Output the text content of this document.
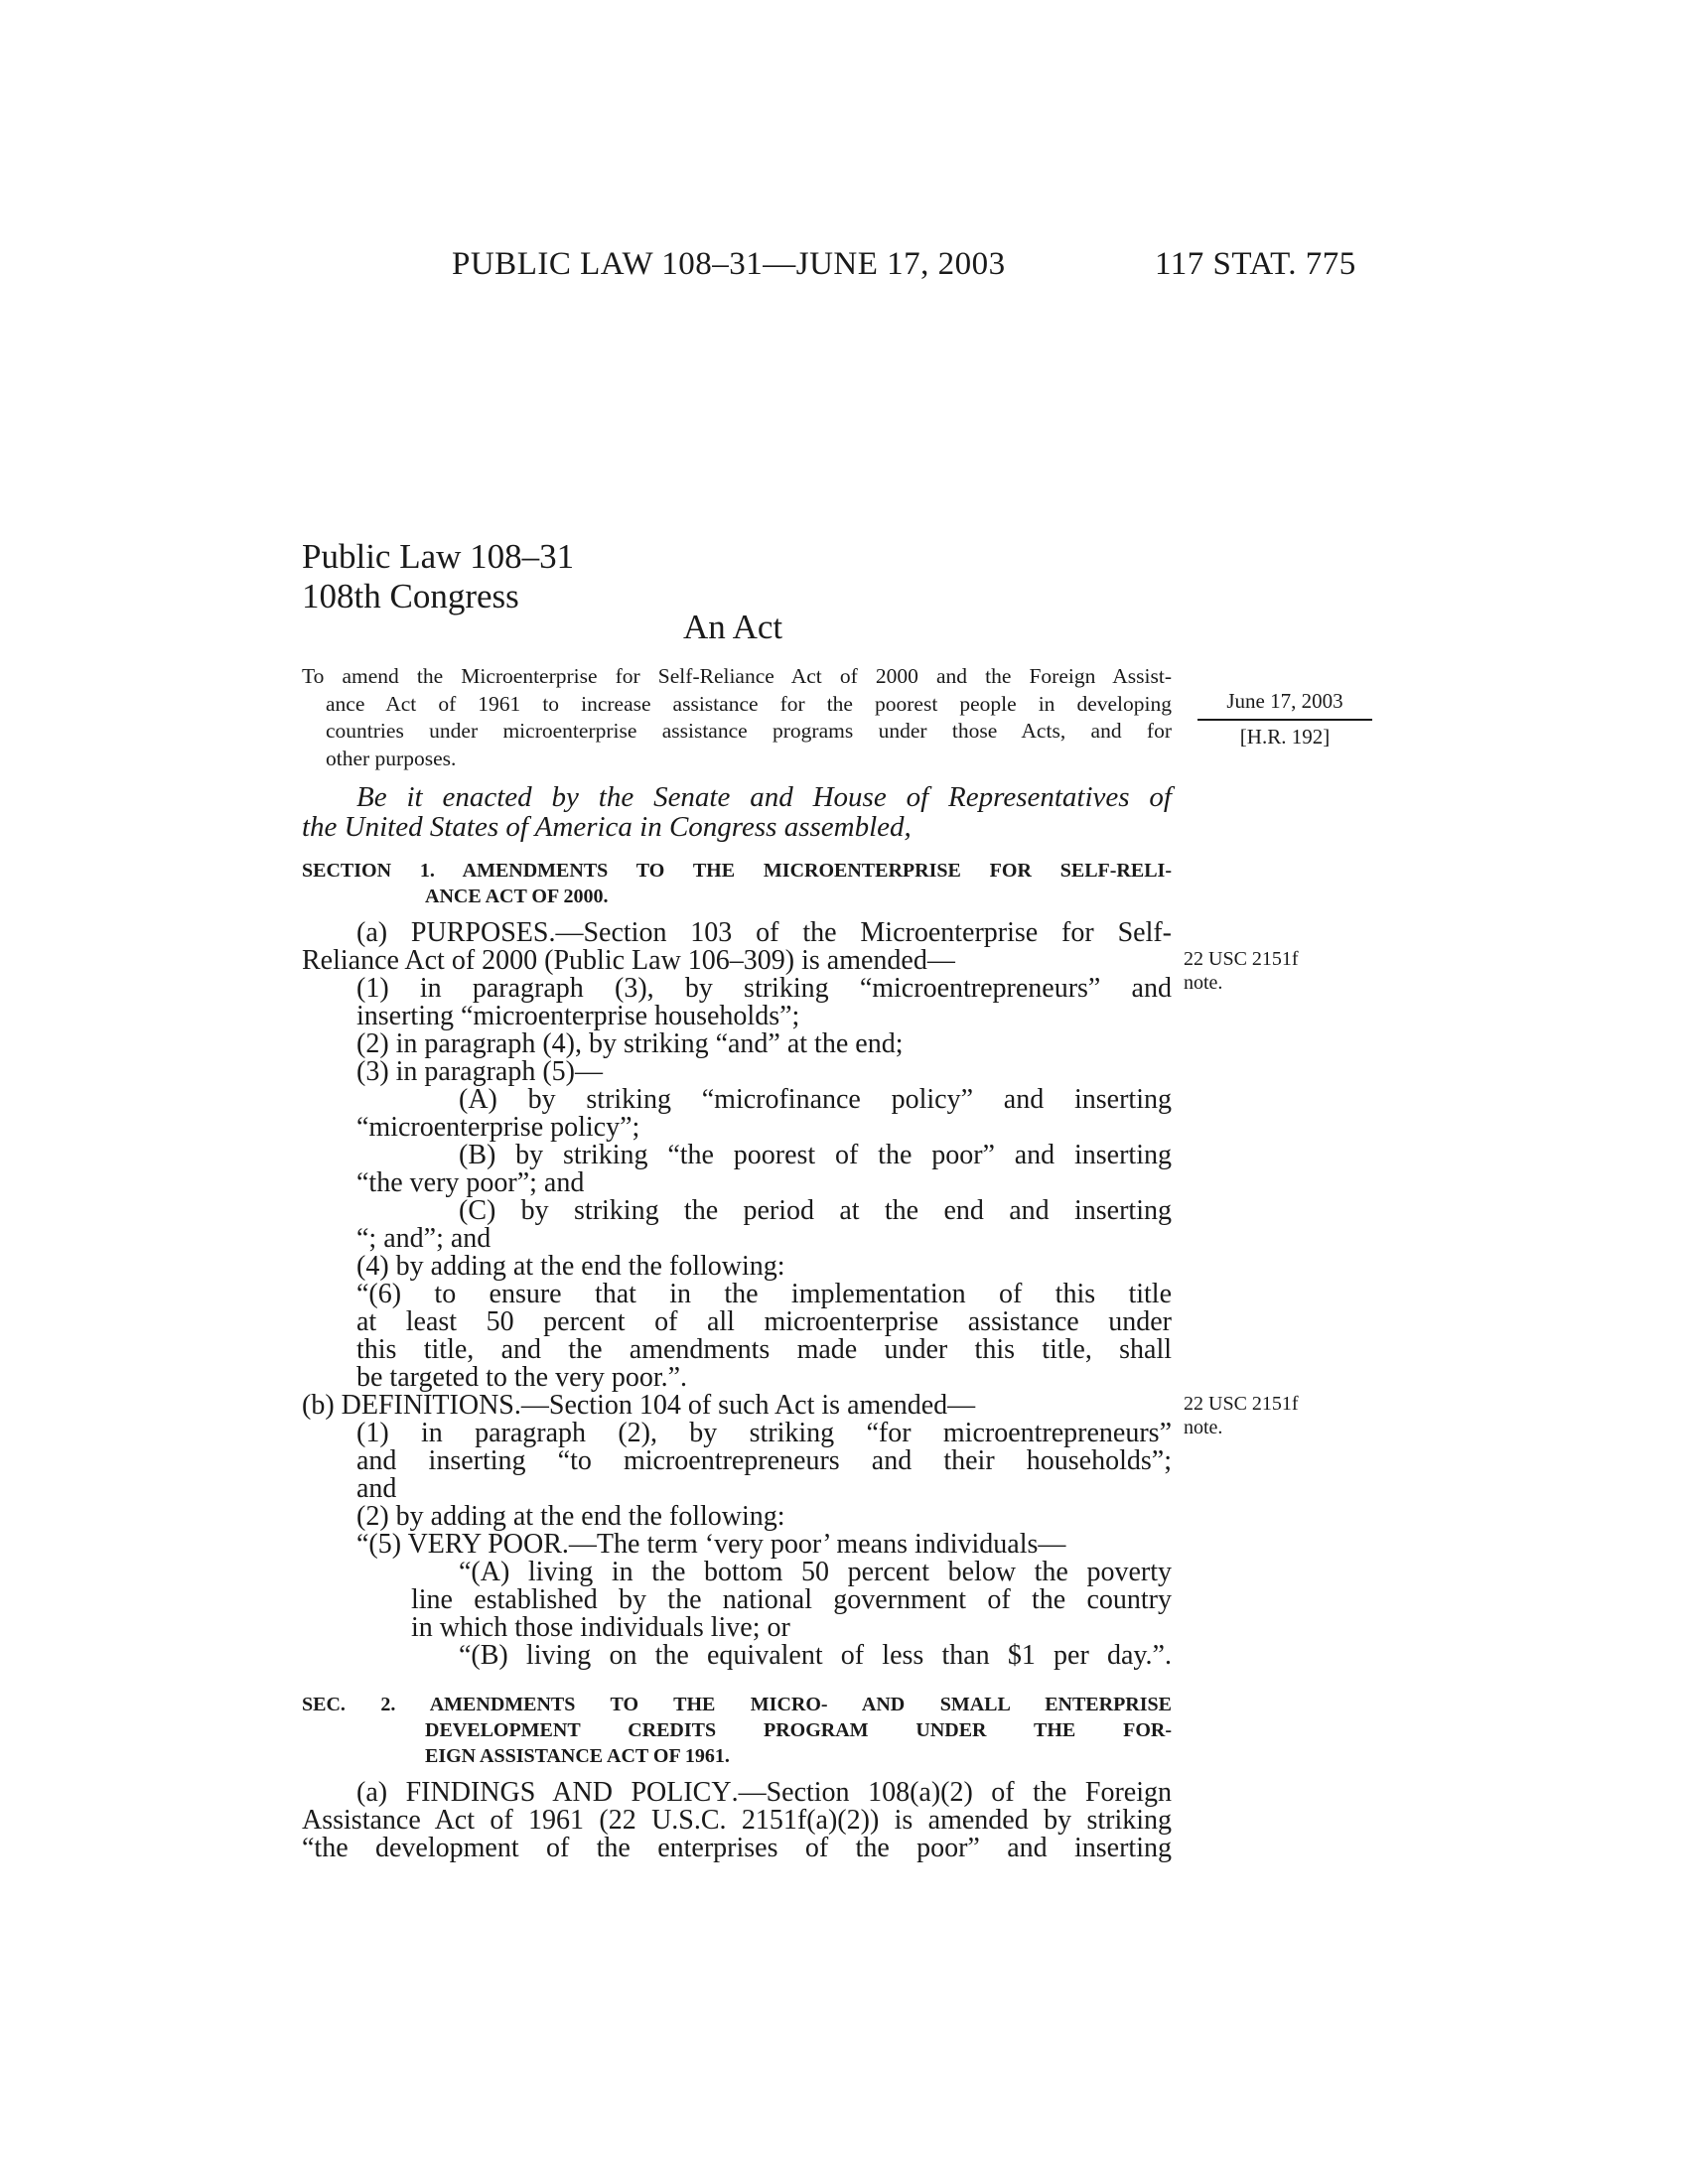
PUBLIC LAW 108–31—JUNE 17, 2003	117 STAT. 775
Public Law 108–31
108th Congress
An Act
To amend the Microenterprise for Self-Reliance Act of 2000 and the Foreign Assist-
ance Act of 1961 to increase assistance for the poorest people in developing
countries under microenterprise assistance programs under those Acts, and for
other purposes.
June 17, 2003
[H.R. 192]
Be it enacted by the Senate and House of Representatives of
the United States of America in Congress assembled,
SECTION 1. AMENDMENTS TO THE MICROENTERPRISE FOR SELF-RELI-
ANCE ACT OF 2000.
(a) PURPOSES.—Section 103 of the Microenterprise for Self-
Reliance Act of 2000 (Public Law 106–309) is amended—
(1) in paragraph (3), by striking “microentrepreneurs” and
inserting “microenterprise households”;
(2) in paragraph (4), by striking “and” at the end;
(3) in paragraph (5)—
(A) by striking “microfinance policy” and inserting
“microenterprise policy”;
(B) by striking “the poorest of the poor” and inserting
“the very poor”; and
(C) by striking the period at the end and inserting
“; and”; and
(4) by adding at the end the following:
“(6) to ensure that in the implementation of this title
at least 50 percent of all microenterprise assistance under
this title, and the amendments made under this title, shall
be targeted to the very poor.”.
(b) DEFINITIONS.—Section 104 of such Act is amended—
(1) in paragraph (2), by striking “for microentrepreneurs”
and inserting “to microentrepreneurs and their households”;
and
(2) by adding at the end the following:
“(5) VERY POOR.—The term ‘very poor’ means individuals—
“(A) living in the bottom 50 percent below the poverty
line established by the national government of the country
in which those individuals live; or
“(B) living on the equivalent of less than $1 per day.”.
22 USC 2151f
note.
22 USC 2151f
note.
SEC. 2. AMENDMENTS TO THE MICRO- AND SMALL ENTERPRISE
DEVELOPMENT CREDITS PROGRAM UNDER THE FOR-
EIGN ASSISTANCE ACT OF 1961.
(a) FINDINGS AND POLICY.—Section 108(a)(2) of the Foreign
Assistance Act of 1961 (22 U.S.C. 2151f(a)(2)) is amended by striking
“the development of the enterprises of the poor” and inserting
